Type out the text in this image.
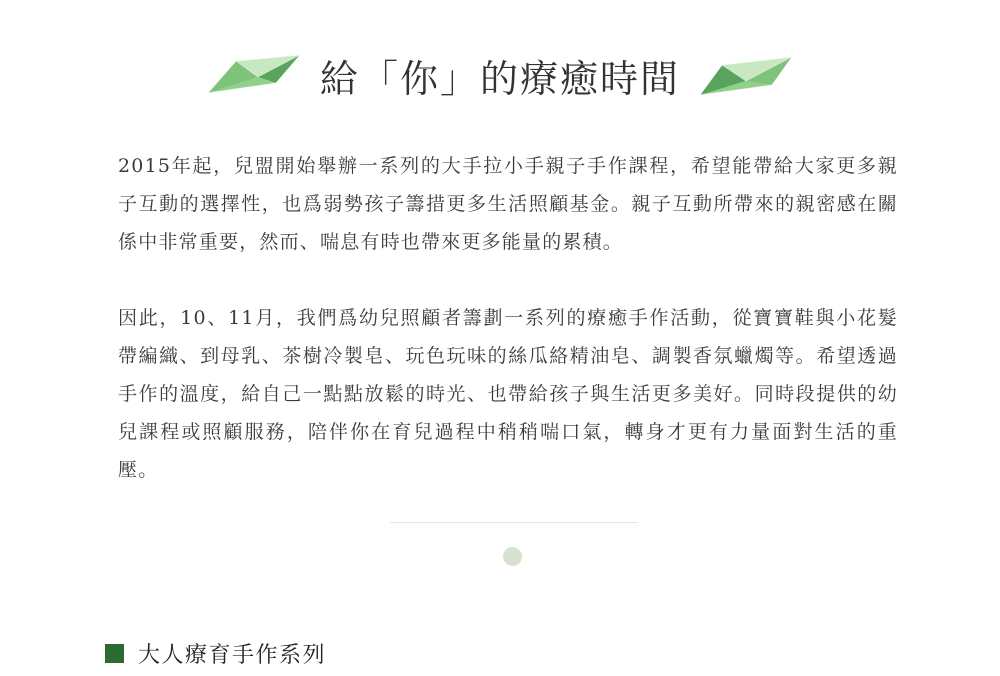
給「你」的療癒時間

2015年起，兒盟開始舉辦一系列的大手拉小手親子手作課程，希望能帶給大家更多親子互動的選擇性，也爲弱勢孩子籌措更多生活照顧基金。親子互動所帶來的親密感在關係中非常重要，然而、喘息有時也帶來更多能量的累積。

因此，10、11月，我們爲幼兒照顧者籌劃一系列的療癒手作活動，從寶寶鞋與小花髮帶編織、到母乳、茶樹冷製皂、玩色玩味的絲瓜絡精油皂、調製香氛蠟燭等。希望透過手作的溫度，給自己一點點放鬆的時光、也帶給孩子與生活更多美好。同時段提供的幼兒課程或照顧服務，陪伴你在育兒過程中稍稍喘口氣，轉身才更有力量面對生活的重壓。

大人療育手作系列
